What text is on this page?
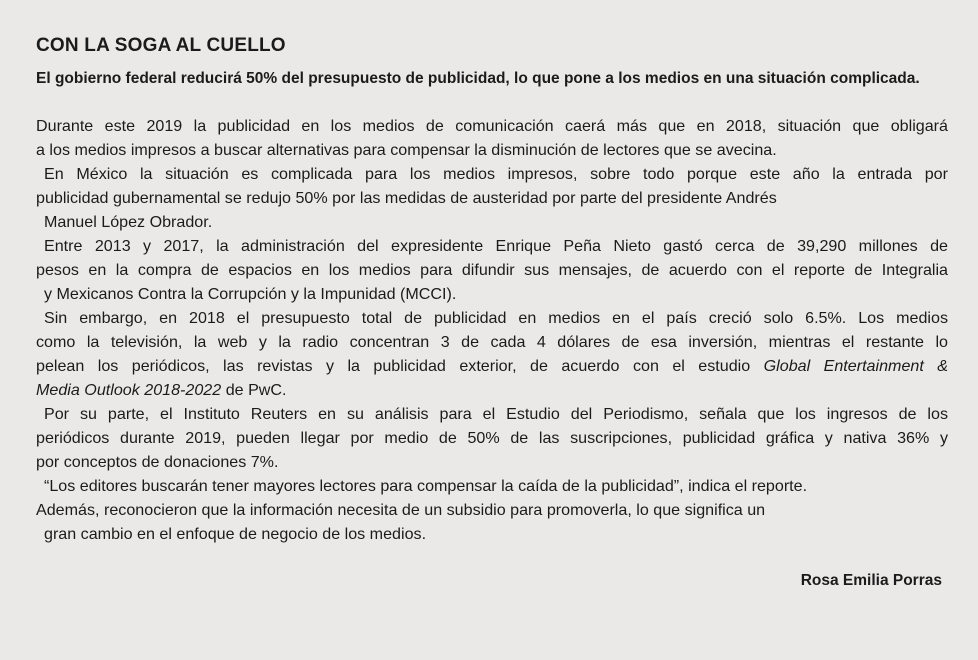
CON LA SOGA AL CUELLO

El gobierno federal reducirá 50% del presupuesto de publicidad, lo que pone a los medios en una situación complicada.

Durante este 2019 la publicidad en los medios de comunicación caerá más que en 2018, situación que obligará
a los medios impresos a buscar alternativas para compensar la disminución de lectores que se avecina.
En México la situación es complicada para los medios impresos, sobre todo porque este año la entrada por
publicidad gubernamental se redujo 50% por las medidas de austeridad por parte del presidente Andrés
Manuel López Obrador.
Entre 2013 y 2017, la administración del expresidente Enrique Peña Nieto gastó cerca de 39,290 millones de
pesos en la compra de espacios en los medios para difundir sus mensajes, de acuerdo con el reporte de Integralia
y Mexicanos Contra la Corrupción y la Impunidad (MCCI).
Sin embargo, en 2018 el presupuesto total de publicidad en medios en el país creció solo 6.5%. Los medios
como la televisión, la web y la radio concentran 3 de cada 4 dólares de esa inversión, mientras el restante lo
pelean los periódicos, las revistas y la publicidad exterior, de acuerdo con el estudio Global Entertainment &
Media Outlook 2018-2022 de PwC.
Por su parte, el Instituto Reuters en su análisis para el Estudio del Periodismo, señala que los ingresos de los
periódicos durante 2019, pueden llegar por medio de 50% de las suscripciones, publicidad gráfica y nativa 36% y
por conceptos de donaciones 7%.
“Los editores buscarán tener mayores lectores para compensar la caída de la publicidad”, indica el reporte.
Además, reconocieron que la información necesita de un subsidio para promoverla, lo que significa un
gran cambio en el enfoque de negocio de los medios.
Rosa Emilia Porras
